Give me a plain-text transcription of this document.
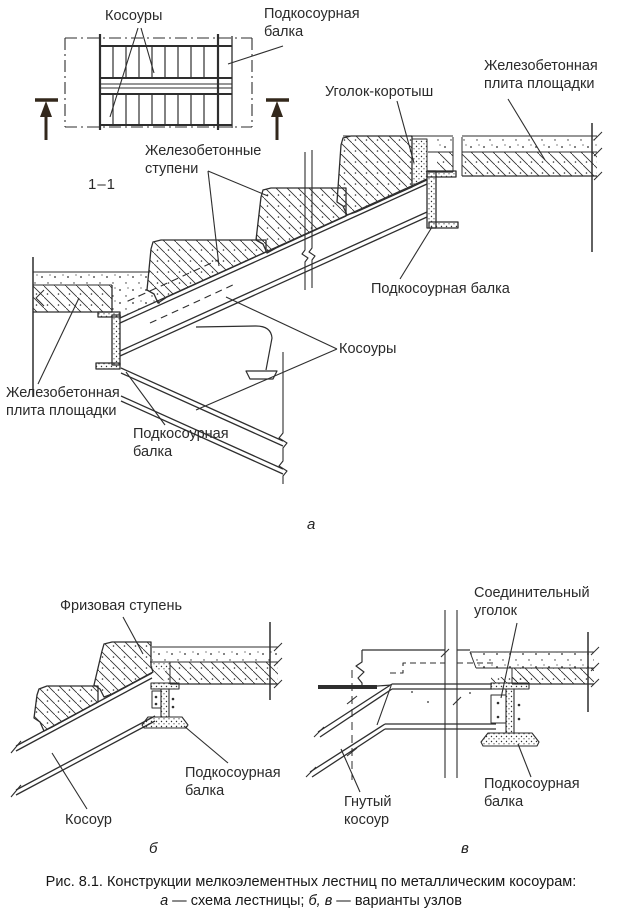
Косоуры	Подкосоурная
балка
1–1
Железобетонные
ступени
Уголок-коротыш
Железобетонная
плита площадки
Подкосоурная балка
Косоуры
Железобетонная
плита площадки
Подкосоурная
балка
а
Фризовая ступень
Подкосоурная
балка
Косоур
б
Соединительный
уголок
Гнутый
косоур
Подкосоурная
балка
в
Рис. 8.1. Конструкции мелкоэлементных лестниц по металлическим косоурам:
а — схема лестницы; б, в — варианты узлов
